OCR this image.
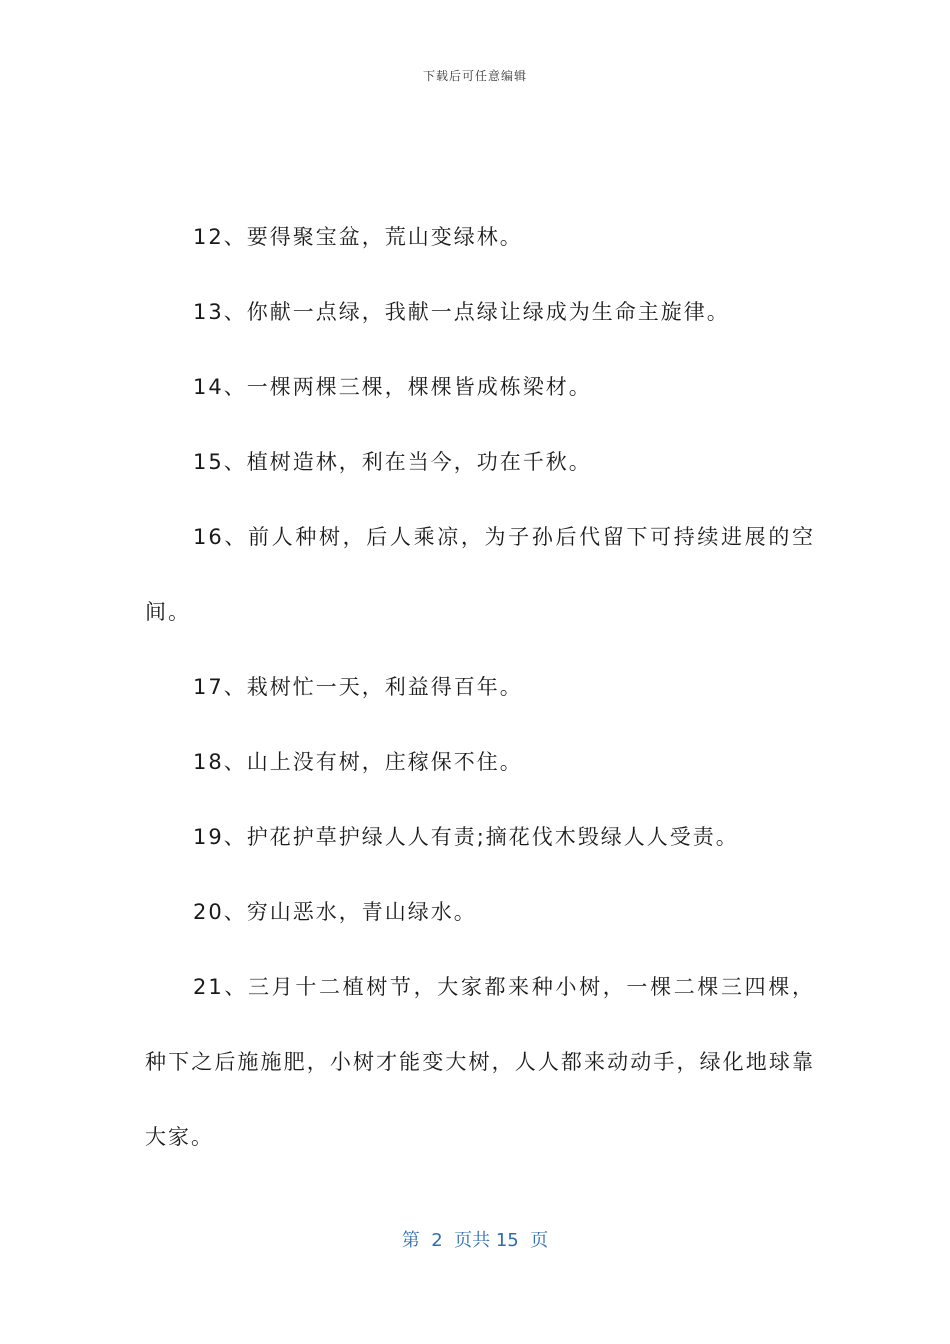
下载后可任意编辑

12、要得聚宝盆，荒山变绿林。

13、你献一点绿，我献一点绿让绿成为生命主旋律。

14、一棵两棵三棵，棵棵皆成栋梁材。

15、植树造林，利在当今，功在千秋。

16、前人种树，后人乘凉，为子孙后代留下可持续进展的空间。

17、栽树忙一天，利益得百年。

18、山上没有树，庄稼保不住。

19、护花护草护绿人人有责;摘花伐木毁绿人人受责。

20、穷山恶水，青山绿水。

21、三月十二植树节，大家都来种小树，一棵二棵三四棵，种下之后施施肥，小树才能变大树，人人都来动动手，绿化地球靠大家。

第  2  页共 15  页
